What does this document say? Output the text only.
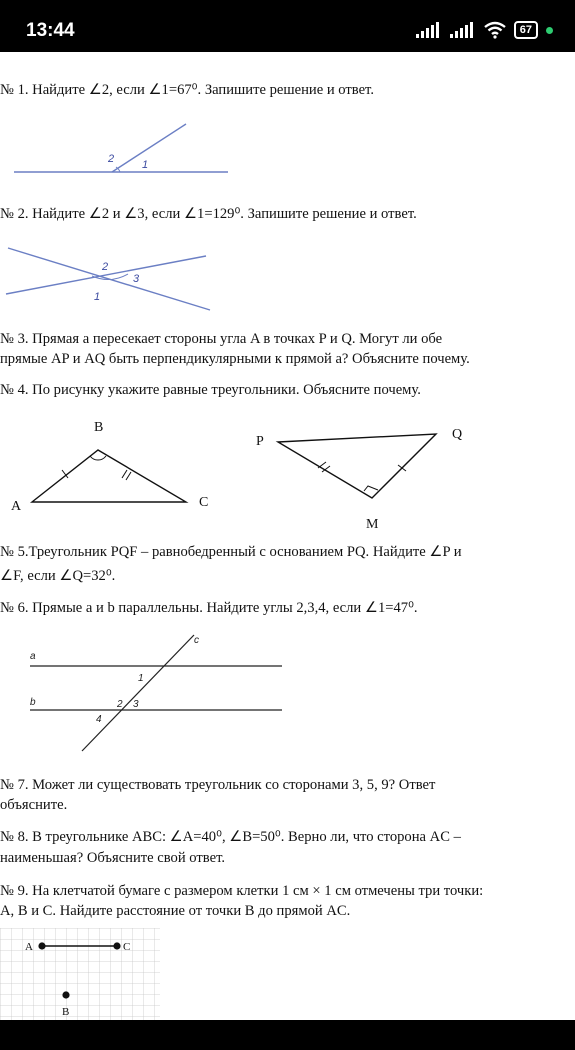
13:44	67
№ 1. Найдите ∠2, если ∠1=67⁰. Запишите решение и ответ.
2	1
№ 2. Найдите ∠2 и ∠3, если ∠1=129⁰. Запишите решение и ответ.
2
3
1
№ 3. Прямая а пересекает стороны угла A в точках P и Q. Могут ли обе
прямые AP и AQ быть перпендикулярными к прямой а? Объясните почему.
№ 4. По рисунку укажите равные треугольники. Объясните почему.
B
A	C
P	Q
M
№ 5.Треугольник PQF – равнобедренный с основанием PQ. Найдите ∠P и
∠F, если ∠Q=32⁰.
№ 6. Прямые а и b параллельны. Найдите углы 2,3,4, если ∠1=47⁰.
c
a
b
1
2 3
4
№ 7. Может ли существовать треугольник со сторонами 3, 5, 9? Ответ
объясните.
№ 8. В треугольнике ABC: ∠A=40⁰, ∠B=50⁰. Верно ли, что сторона AC –
наименьшая? Объясните свой ответ.
№ 9. На клетчатой бумаге с размером клетки 1 см × 1 см отмечены три точки:
A, B и C. Найдите расстояние от точки B до прямой AC.
A	C
B
